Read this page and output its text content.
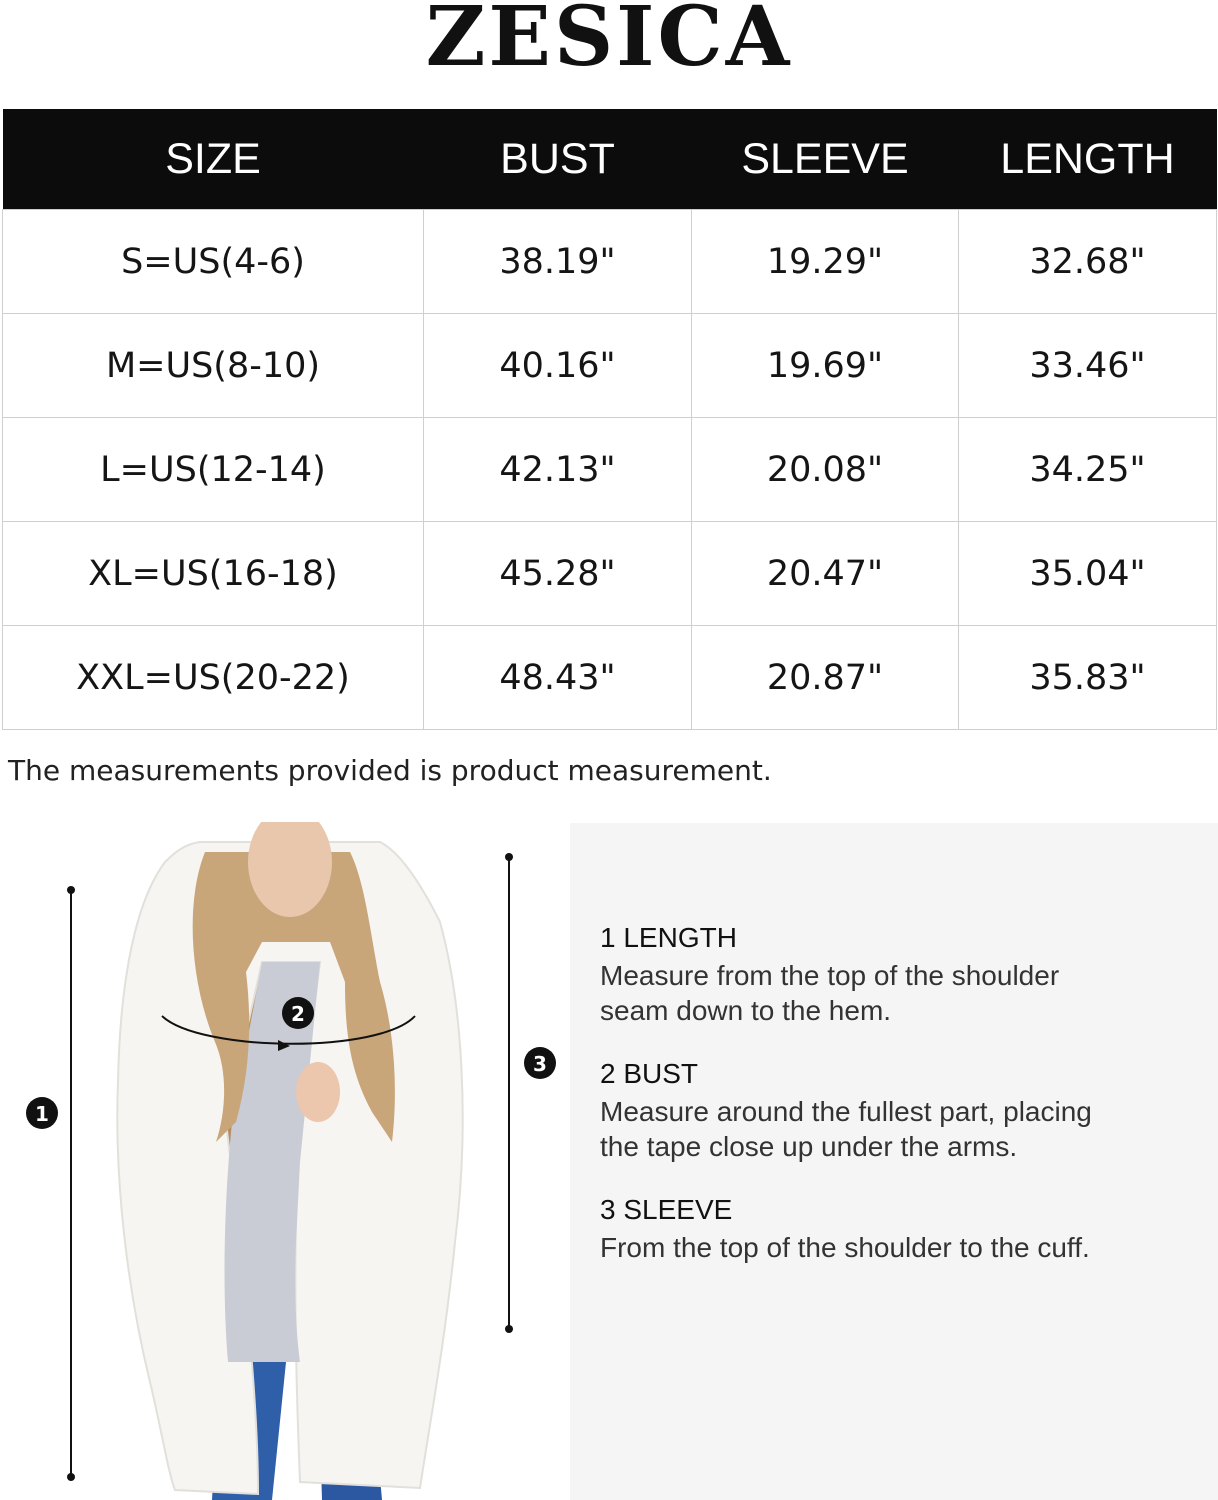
ZESICA
SIZE	BUST	SLEEVE	LENGTH
S=US(4-6)	38.19"	19.29"	32.68"
M=US(8-10)	40.16"	19.69"	33.46"
L=US(12-14)	42.13"	20.08"	34.25"
XL=US(16-18)	45.28"	20.47"	35.04"
XXL=US(20-22)	48.43"	20.87"	35.83"
The measurements provided is product measurement.
1
2
3
1 LENGTH
Measure from the top of the shoulder
seam down to the hem.
2 BUST
Measure around the fullest part, placing
the tape close up under the arms.
3 SLEEVE
From the top of the shoulder to the cuff.
